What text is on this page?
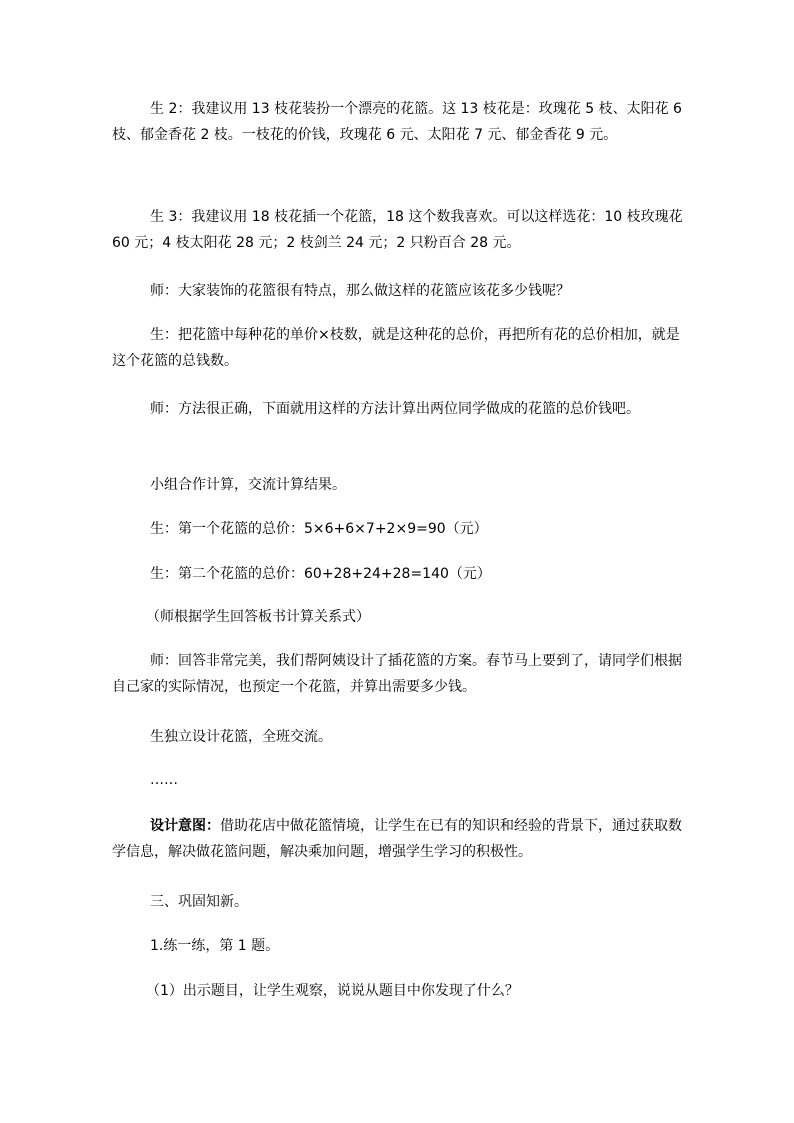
生 2：我建议用 13 枝花装扮一个漂亮的花篮。这 13 枝花是：玫瑰花 5 枝、太阳花 6 枝、郁金香花 2 枝。一枝花的价钱，玫瑰花 6 元、太阳花 7 元、郁金香花 9 元。

生 3：我建议用 18 枝花插一个花篮，18 这个数我喜欢。可以这样选花：10 枝玫瑰花 60 元；4 枝太阳花 28 元；2 枝剑兰 24 元；2 只粉百合 28 元。

师：大家装饰的花篮很有特点，那么做这样的花篮应该花多少钱呢？

生：把花篮中每种花的单价×枝数，就是这种花的总价，再把所有花的总价相加，就是这个花篮的总钱数。

师：方法很正确，下面就用这样的方法计算出两位同学做成的花篮的总价钱吧。

小组合作计算，交流计算结果。

生：第一个花篮的总价：5×6+6×7+2×9=90（元）

生：第二个花篮的总价：60+28+24+28=140（元）

（师根据学生回答板书计算关系式）

师：回答非常完美，我们帮阿姨设计了插花篮的方案。春节马上要到了，请同学们根据自己家的实际情况，也预定一个花篮，并算出需要多少钱。

生独立设计花篮，全班交流。

……

设计意图：借助花店中做花篮情境，让学生在已有的知识和经验的背景下，通过获取数学信息，解决做花篮问题，解决乘加问题，增强学生学习的积极性。

三、巩固知新。

1.练一练，第 1 题。

（1）出示题目，让学生观察，说说从题目中你发现了什么？
